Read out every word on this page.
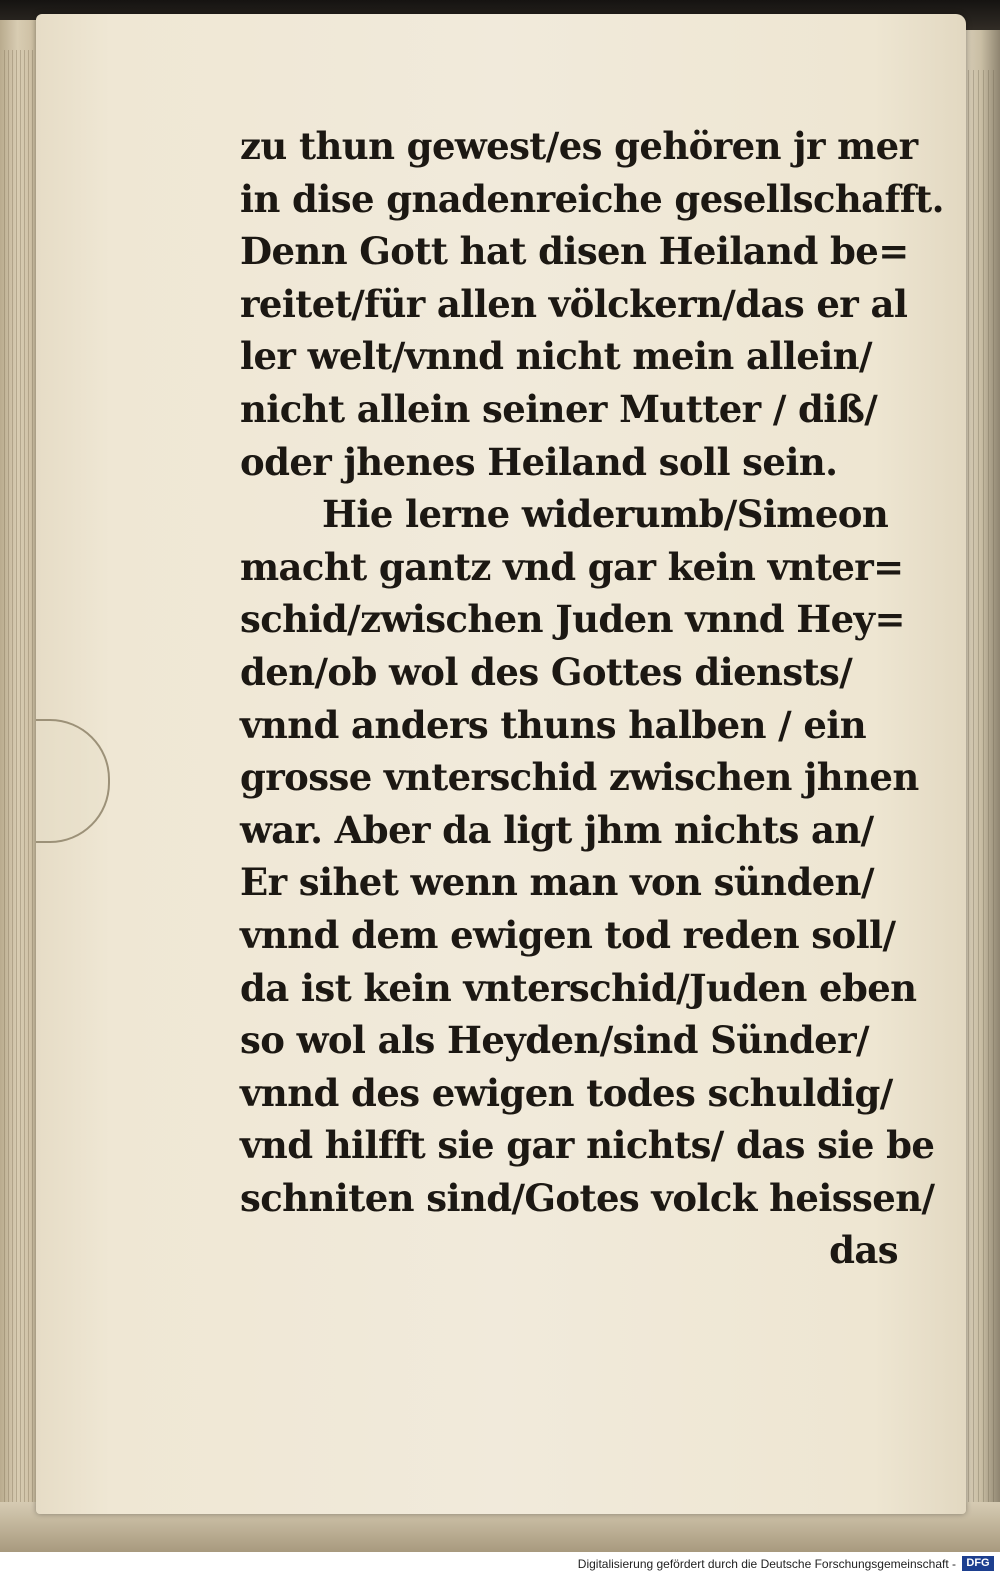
zu thun gewest/es gehören jr mer
in dise gnadenreiche gesellschafft.
Denn Gott hat disen Heiland be=
reitet/für allen völckern/das er al
ler welt/vnnd nicht mein allein/
nicht allein seiner Mutter / diß/
oder jhenes Heiland soll sein.
Hie lerne widerumb/Simeon
macht gantz vnd gar kein vnter=
schid/zwischen Juden vnnd Hey=
den/ob wol des Gottes diensts/
vnnd anders thuns halben / ein
grosse vnterschid zwischen jhnen
war. Aber da ligt jhm nichts an/
Er sihet wenn man von sünden/
vnnd dem ewigen tod reden soll/
da ist kein vnterschid/Juden eben
so wol als Heyden/sind Sünder/
vnnd des ewigen todes schuldig/
vnd hilfft sie gar nichts/ das sie be
schniten sind/Gotes volck heissen/
das
Digitalisierung gefördert durch die Deutsche Forschungsgemeinschaft - DFG
